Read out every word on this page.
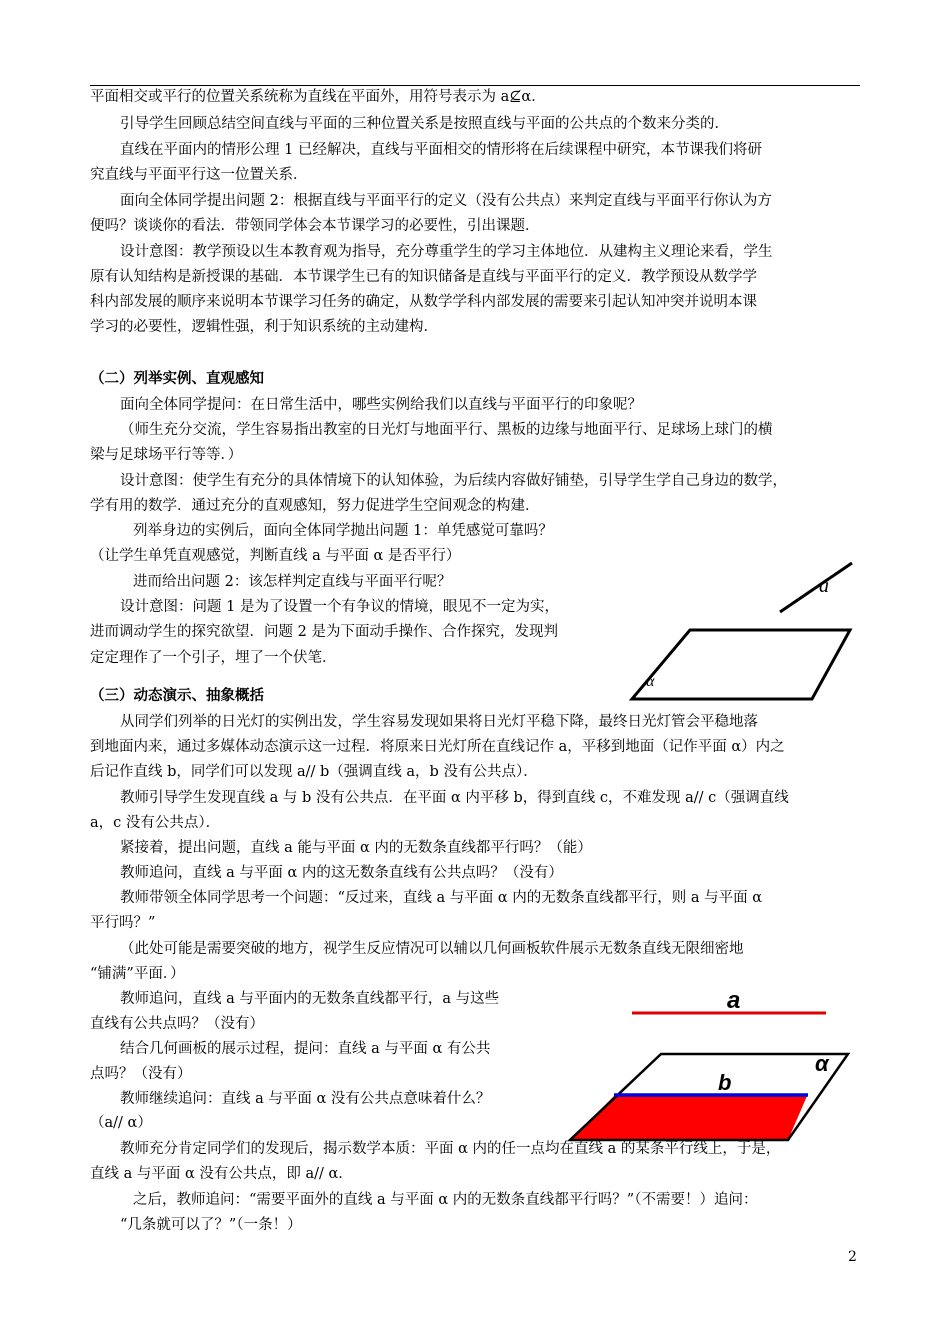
平面相交或平行的位置关系统称为直线在平面外，用符号表示为 a⊈α．
引导学生回顾总结空间直线与平面的三种位置关系是按照直线与平面的公共点的个数来分类的．
直线在平面内的情形公理 1 已经解决，直线与平面相交的情形将在后续课程中研究，本节课我们将研
究直线与平面平行这一位置关系．
面向全体同学提出问题 2：根据直线与平面平行的定义（没有公共点）来判定直线与平面平行你认为方
便吗？谈谈你的看法．带领同学体会本节课学习的必要性，引出课题．
设计意图：教学预设以生本教育观为指导，充分尊重学生的学习主体地位．从建构主义理论来看，学生
原有认知结构是新授课的基础．本节课学生已有的知识储备是直线与平面平行的定义．教学预设从数学学
科内部发展的顺序来说明本节课学习任务的确定，从数学学科内部发展的需要来引起认知冲突并说明本课
学习的必要性，逻辑性强，利于知识系统的主动建构．
面向全体同学提问：在日常生活中，哪些实例给我们以直线与平面平行的印象呢？
（师生充分交流，学生容易指出教室的日光灯与地面平行、黑板的边缘与地面平行、足球场上球门的横
梁与足球场平行等等．）
设计意图：使学生有充分的具体情境下的认知体验，为后续内容做好铺垫，引导学生学自己身边的数学，
学有用的数学．通过充分的直观感知，努力促进学生空间观念的构建．
列举身边的实例后，面向全体同学抛出问题 1：单凭感觉可靠吗？
（让学生单凭直观感觉，判断直线 a 与平面 α 是否平行）
进而给出问题 2：该怎样判定直线与平面平行呢？
设计意图：问题 1 是为了设置一个有争议的情境，眼见不一定为实，
进而调动学生的探究欲望．问题 2 是为下面动手操作、合作探究，发现判
定定理作了一个引子，埋了一个伏笔．
从同学们列举的日光灯的实例出发，学生容易发现如果将日光灯平稳下降，最终日光灯管会平稳地落
到地面内来，通过多媒体动态演示这一过程．将原来日光灯所在直线记作 a，平移到地面（记作平面 α）内之
后记作直线 b，同学们可以发现 a// b（强调直线 a，b 没有公共点）．
教师引导学生发现直线 a 与 b 没有公共点．在平面 α 内平移 b，得到直线 c，不难发现 a// c（强调直线
a，c 没有公共点）．
紧接着，提出问题，直线 a 能与平面 α 内的无数条直线都平行吗？（能）
教师追问，直线 a 与平面 α 内的这无数条直线有公共点吗？（没有）
教师带领全体同学思考一个问题：“反过来，直线 a 与平面 α 内的无数条直线都平行，则 a 与平面 α
平行吗？”
（此处可能是需要突破的地方，视学生反应情况可以辅以几何画板软件展示无数条直线无限细密地
“铺满”平面．）
教师追问，直线 a 与平面内的无数条直线都平行，a 与这些
直线有公共点吗？（没有）
结合几何画板的展示过程，提问：直线 a 与平面 α 有公共
点吗？（没有）
教师继续追问：直线 a 与平面 α 没有公共点意味着什么？
（a// α）
教师充分肯定同学们的发现后，揭示数学本质：平面 α 内的任一点均在直线 a 的某条平行线上，于是，
直线 a 与平面 α 没有公共点，即 a// α．
之后，教师追问：“需要平面外的直线 a 与平面 α 内的无数条直线都平行吗？”（不需要！）追问：
“几条就可以了？”（一条！）
（二）列举实例、直观感知
（三）动态演示、抽象概括
a
α
a
b
α
2
